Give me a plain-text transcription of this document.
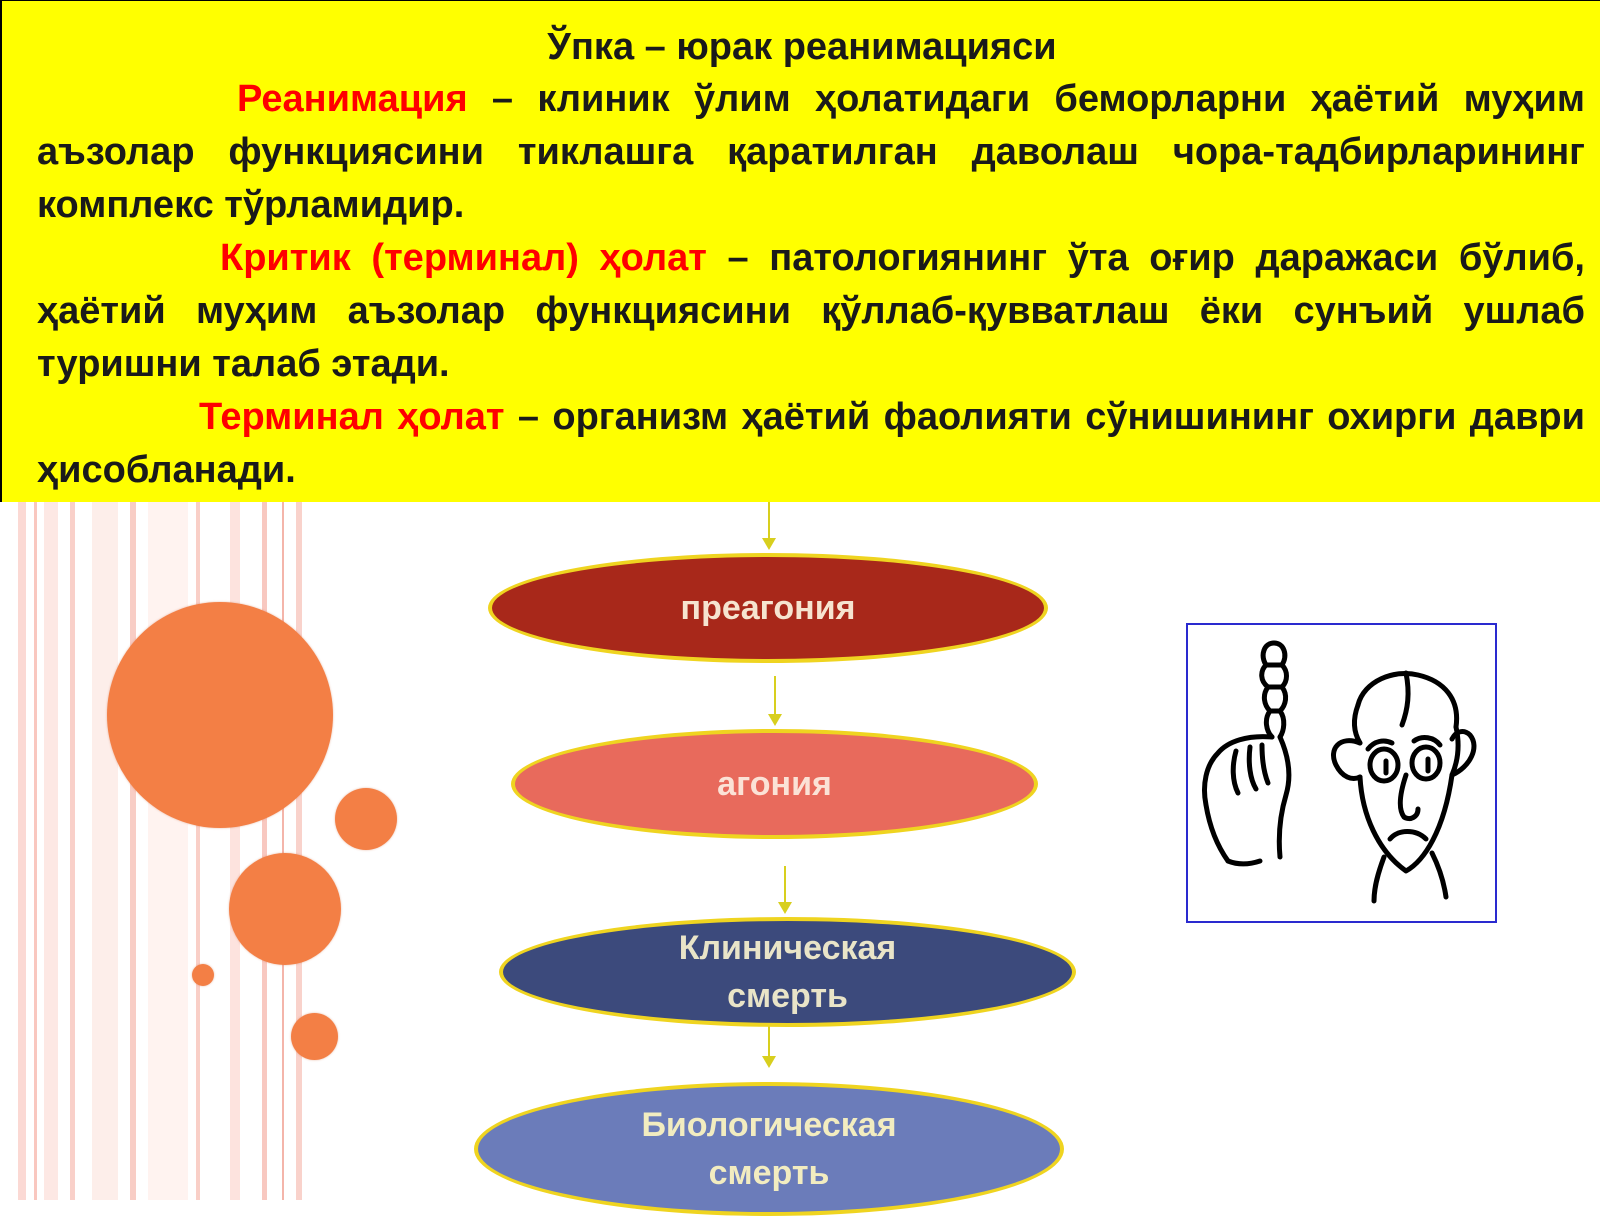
Ўпка – юрак реанимацияси

Реанимация – клиник ўлим ҳолатидаги беморларни ҳаётий муҳим аъзолар функциясини тиклашга қаратилган даволаш чора-тадбирларининг комплекс тўрламидир.

Критик (терминал) ҳолат – патологиянинг ўта оғир даражаси бўлиб, ҳаётий муҳим аъзолар функциясини қўллаб-қувватлаш ёки сунъий ушлаб туришни талаб этади.

Терминал ҳолат – организм ҳаётий фаолияти сўнишининг охирги даври ҳисобланади.

преагония
агония
Клиническая смерть
Биологическая смерть
